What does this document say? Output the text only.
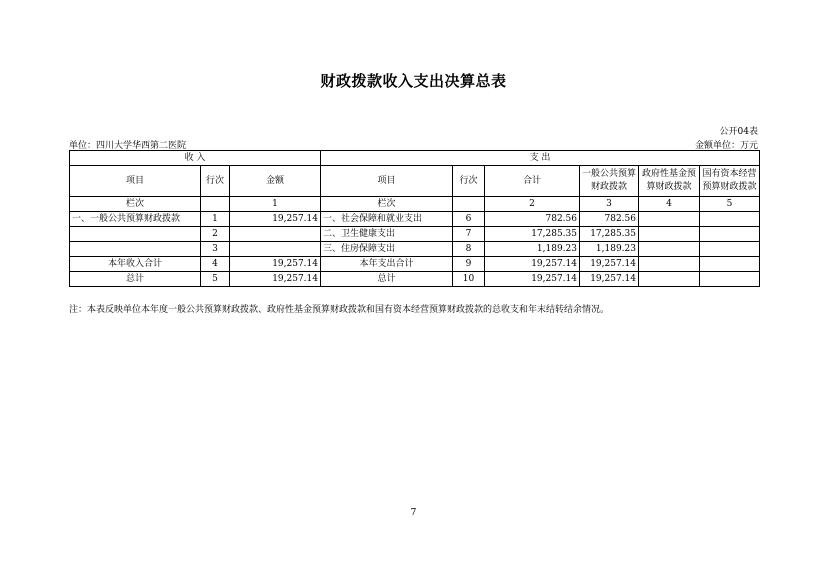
财政拨款收入支出决算总表
公开04表
单位：四川大学华西第二医院	金额单位：万元
收 入			支 出					
项目	行次	金额	项目	行次	合计	一般公共预算财政拨款	政府性基金预算财政拨款	国有资本经营预算财政拨款
栏次		1	栏次		2	3	4	5
一、一般公共预算财政拨款	1	19,257.14	一、社会保障和就业支出	6	782.56	782.56		
	2		二、卫生健康支出	7	17,285.35	17,285.35		
	3		三、住房保障支出	8	1,189.23	1,189.23		
本年收入合计	4	19,257.14	本年支出合计	9	19,257.14	19,257.14		
总计	5	19,257.14	总计	10	19,257.14	19,257.14		
注：本表反映单位本年度一般公共预算财政拨款、政府性基金预算财政拨款和国有资本经营预算财政拨款的总收支和年末结转结余情况。
7
